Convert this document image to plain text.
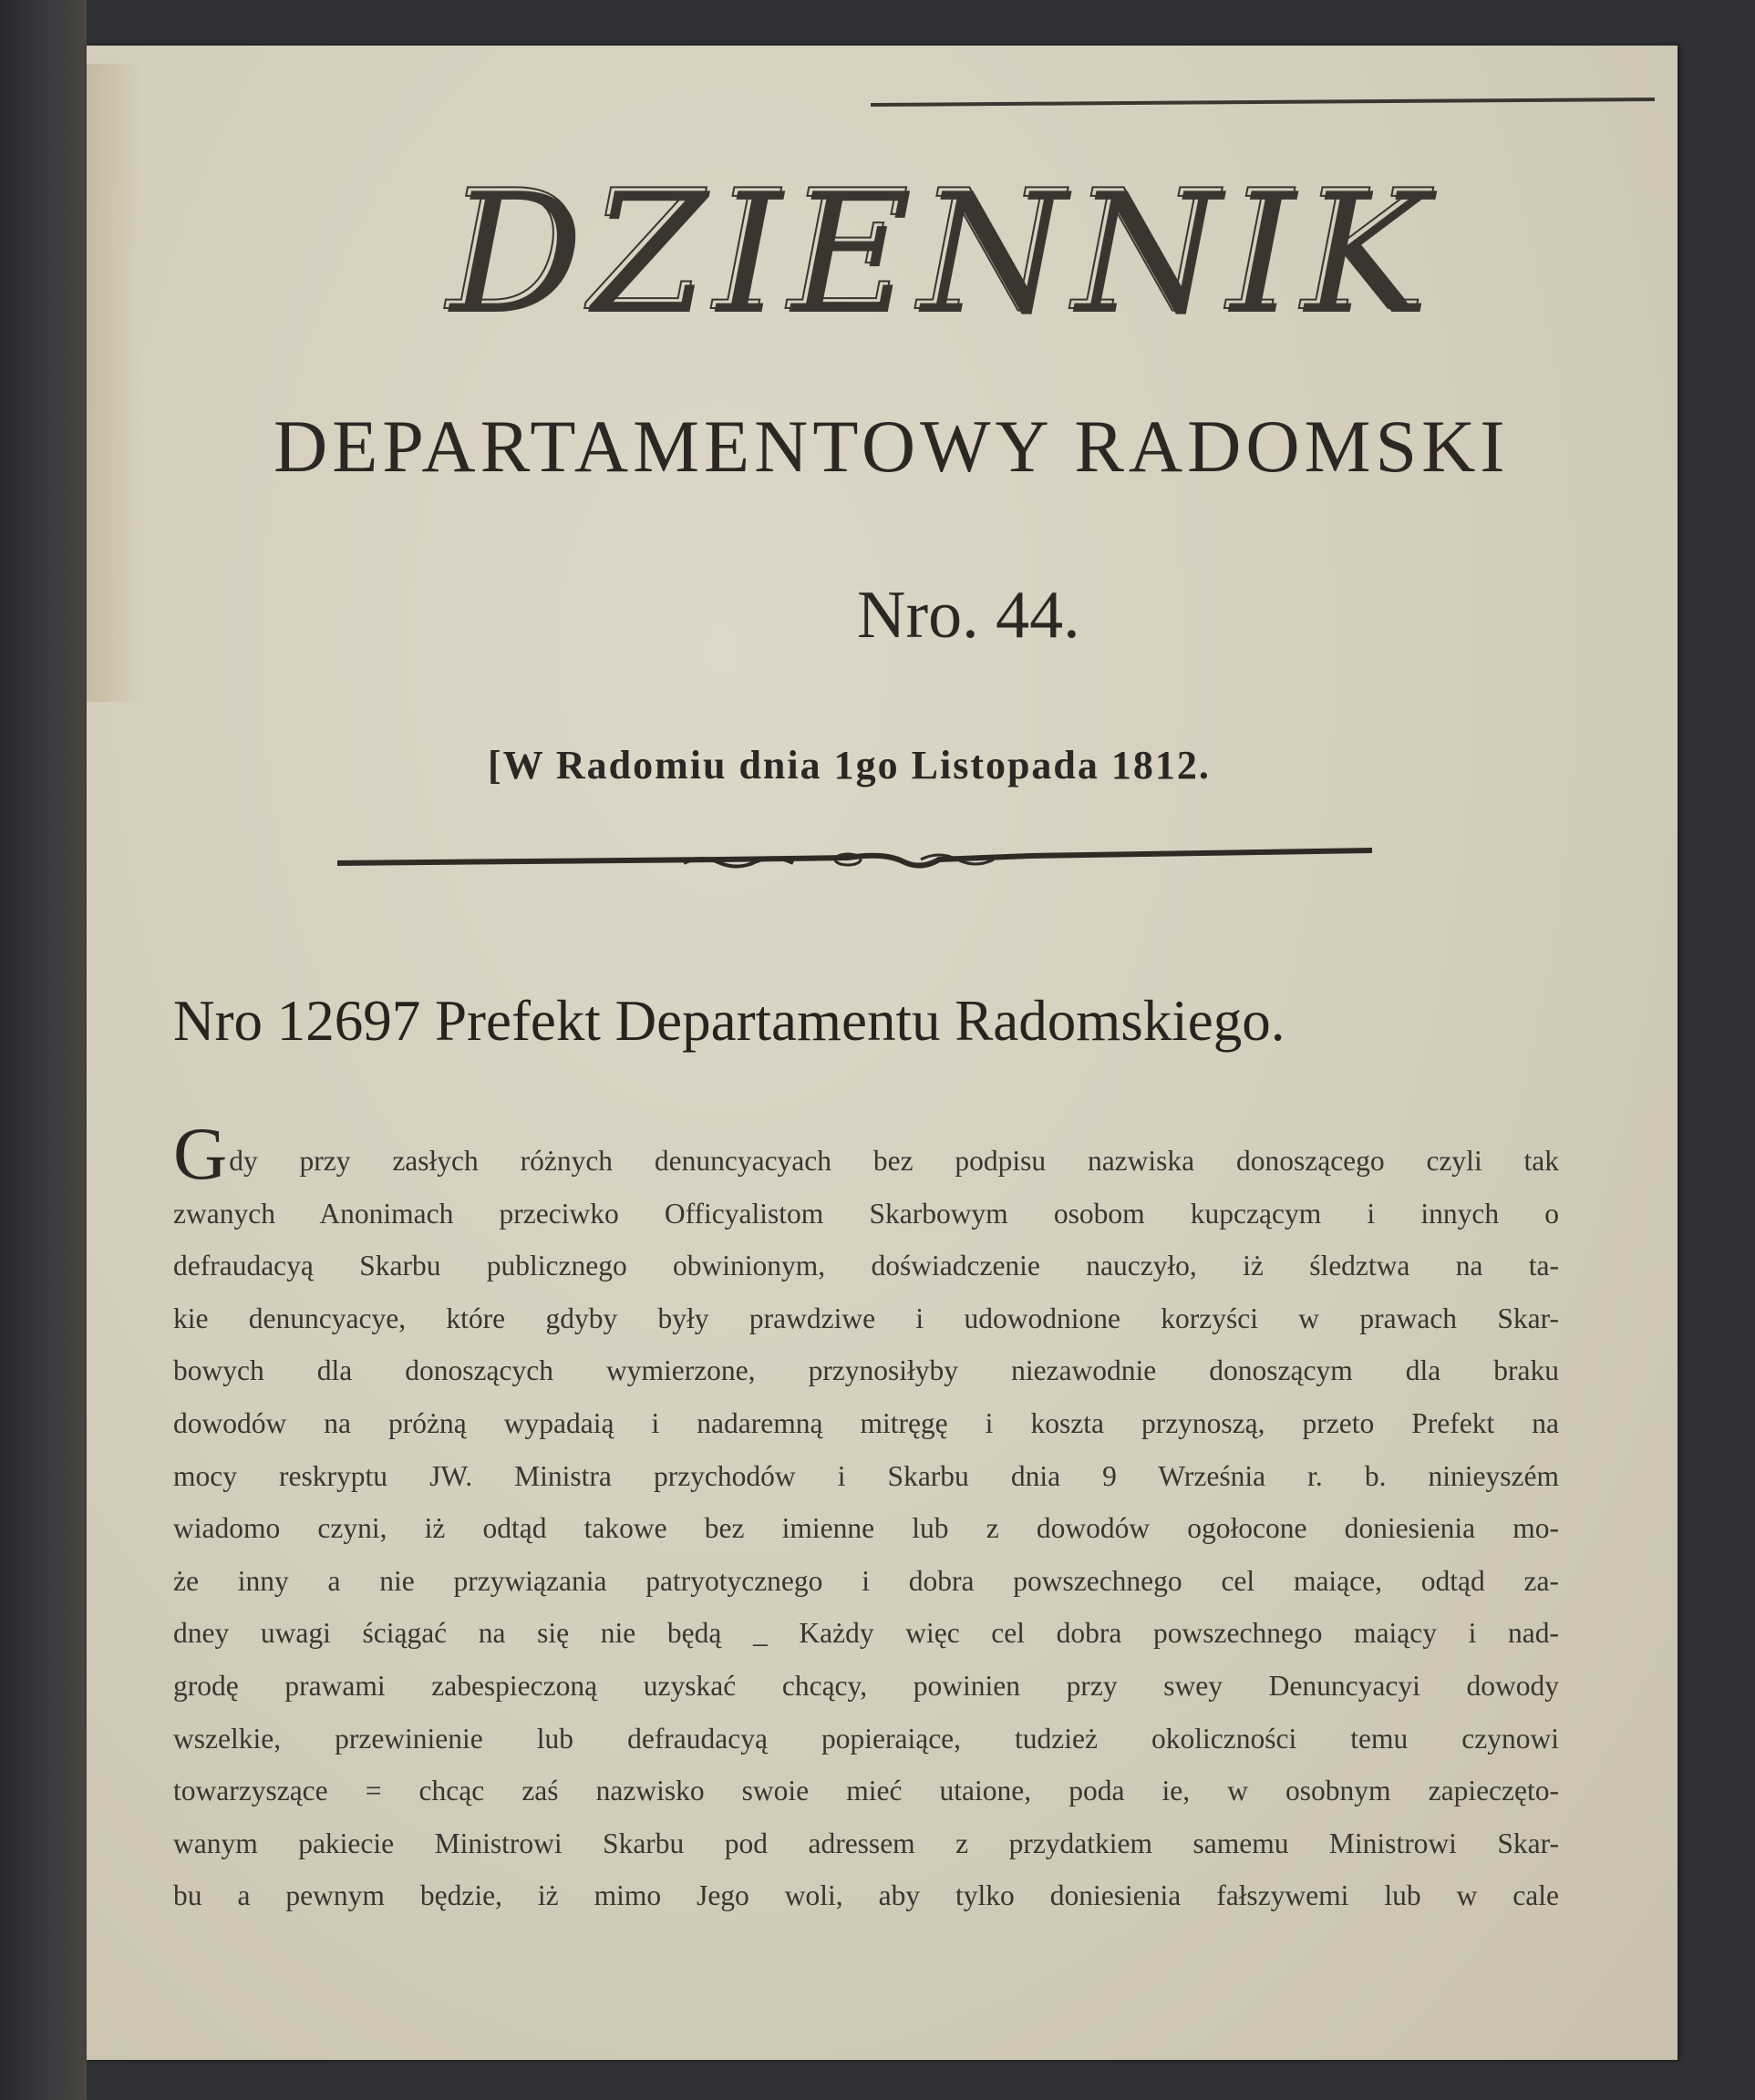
DZIENNIK
DEPARTAMENTOWY RADOMSKI
Nro. 44.
[W Radomiu dnia 1go Listopada 1812.
Nro 12697 Prefekt Departamentu Radomskiego.
Gdy przy zasłych różnych denuncyacyach bez podpisu nazwiska donoszącego czyli tak
zwanych Anonimach przeciwko Officyalistom Skarbowym osobom kupczącym i innych o
defraudacyą Skarbu publicznego obwinionym, doświadczenie nauczyło, iż śledztwa na ta-
kie denuncyacye, które gdyby były prawdziwe i udowodnione korzyści w prawach Skar-
bowych dla donoszących wymierzone, przynosiłyby niezawodnie donoszącym dla braku
dowodów na próżną wypadaią i nadaremną mitręgę i koszta przynoszą, przeto Prefekt na
mocy reskryptu JW. Ministra przychodów i Skarbu dnia 9 Września r. b. ninieyszém
wiadomo czyni, iż odtąd takowe bez imienne lub z dowodów ogołocone doniesienia mo-
że inny a nie przywiązania patryotycznego i dobra powszechnego cel maiące, odtąd za-
dney uwagi ściągać na się nie będą _ Każdy więc cel dobra powszechnego maiący i nad-
grodę prawami zabespieczoną uzyskać chcący, powinien przy swey Denuncyacyi dowody
wszelkie, przewinienie lub defraudacyą popieraiące, tudzież okoliczności temu czynowi
towarzyszące = chcąc zaś nazwisko swoie mieć utaione, poda ie, w osobnym zapieczęto-
wanym pakiecie Ministrowi Skarbu pod adressem z przydatkiem samemu Ministrowi Skar-
bu a pewnym będzie, iż mimo Jego woli, aby tylko doniesienia fałszywemi lub w cale
